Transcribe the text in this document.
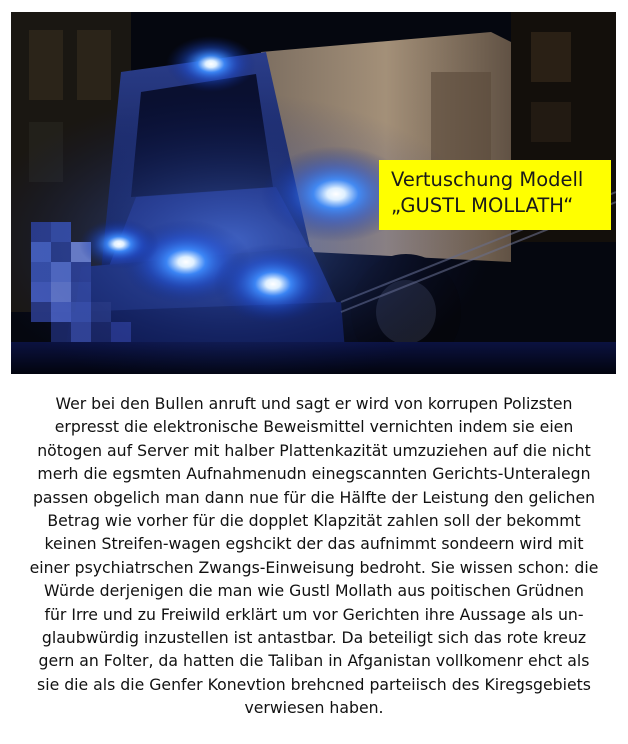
Vertuschung Modell
„GUSTL MOLLATH“

Wer bei den Bullen anruft und sagt er wird von korrupen Polizsten
erpresst die elektronische Beweismittel vernichten indem sie eien
nötogen auf Server mit halber Plattenkazität umzuziehen auf die nicht
merh die egsmten Aufnahmenudn einegscannten Gerichts-Unteralegn
passen obgelich man dann nue für die Hälfte der Leistung den gelichen
Betrag wie vorher für die dopplet Klapzität zahlen soll der bekommt
keinen Streifen-wagen egshcikt der das aufnimmt sondeern wird mit
einer psychiatrschen Zwangs-Einweisung bedroht. Sie wissen schon: die
Würde derjenigen die man wie Gustl Mollath aus poitischen Grüdnen
für Irre und zu Freiwild erklärt um vor Gerichten ihre Aussage als un-
glaubwürdig inzustellen ist antastbar. Da beteiligt sich das rote kreuz
gern an Folter, da hatten die Taliban in Afganistan vollkomenr ehct als
sie die als die Genfer Konevtion brehcned parteiisch des Kiregsgebiets
verwiesen haben.
